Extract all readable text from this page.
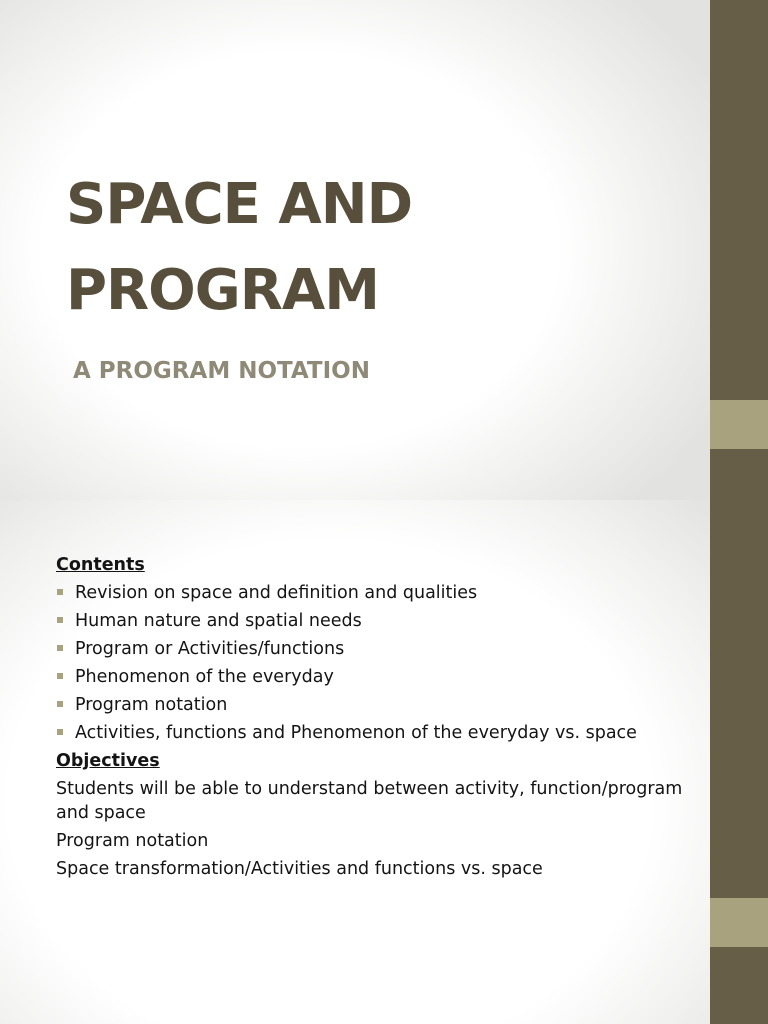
SPACE AND
PROGRAM

A PROGRAM NOTATION

Contents

Revision on space and definition and qualities
Human nature and spatial needs
Program or Activities/functions
Phenomenon of the everyday
Program notation
Activities, functions and Phenomenon of the everyday vs. space

Objectives

Students will be able to understand between activity, function/program and space

Program notation

Space transformation/Activities and functions vs. space
